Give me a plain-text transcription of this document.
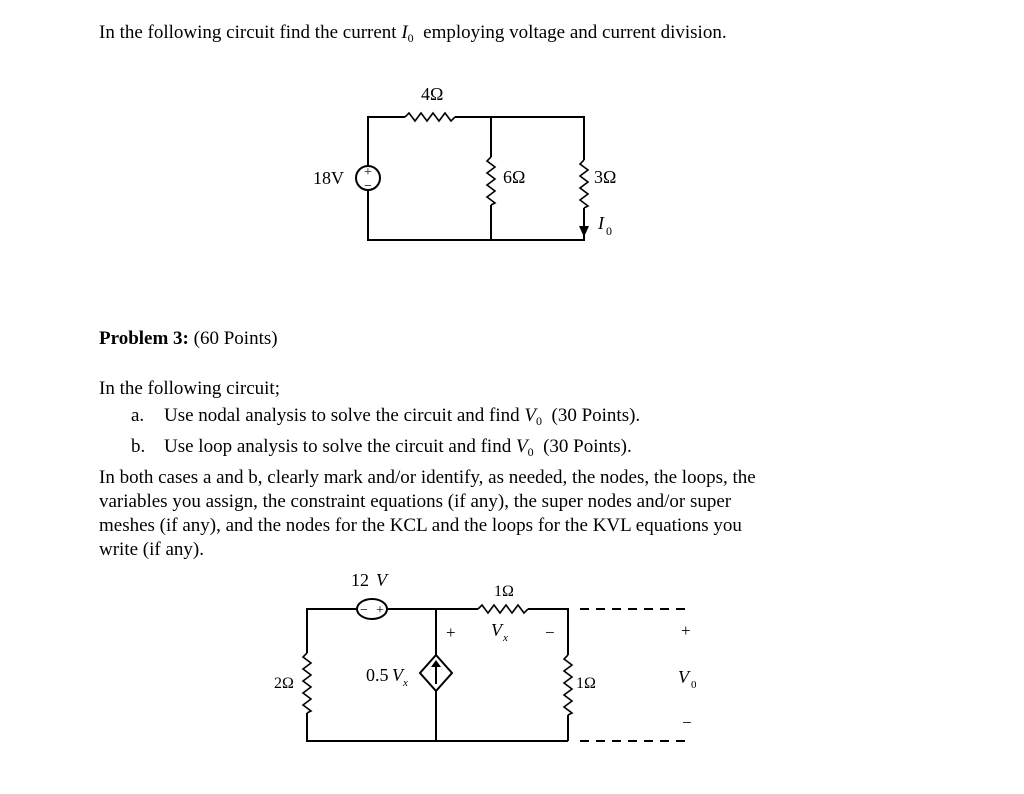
In the following circuit find the current $I_0$ employing voltage and current division.
+
−
18V
4Ω
6Ω	3Ω
I 0
− +
12 V
0.5 V x
1Ω
+ V x −
1Ω
2Ω
+
V 0
−
Problem 3: (60 Points)
In the following circuit;
a. Use nodal analysis to solve the circuit and find $V_0$ (30 Points).
b. Use loop analysis to solve the circuit and find $V_0$ (30 Points).
In both cases a and b, clearly mark and/or identify, as needed, the nodes, the loops, the
variables you assign, the constraint equations (if any), the super nodes and/or super
meshes (if any), and the nodes for the KCL and the loops for the KVL equations you
write (if any).
